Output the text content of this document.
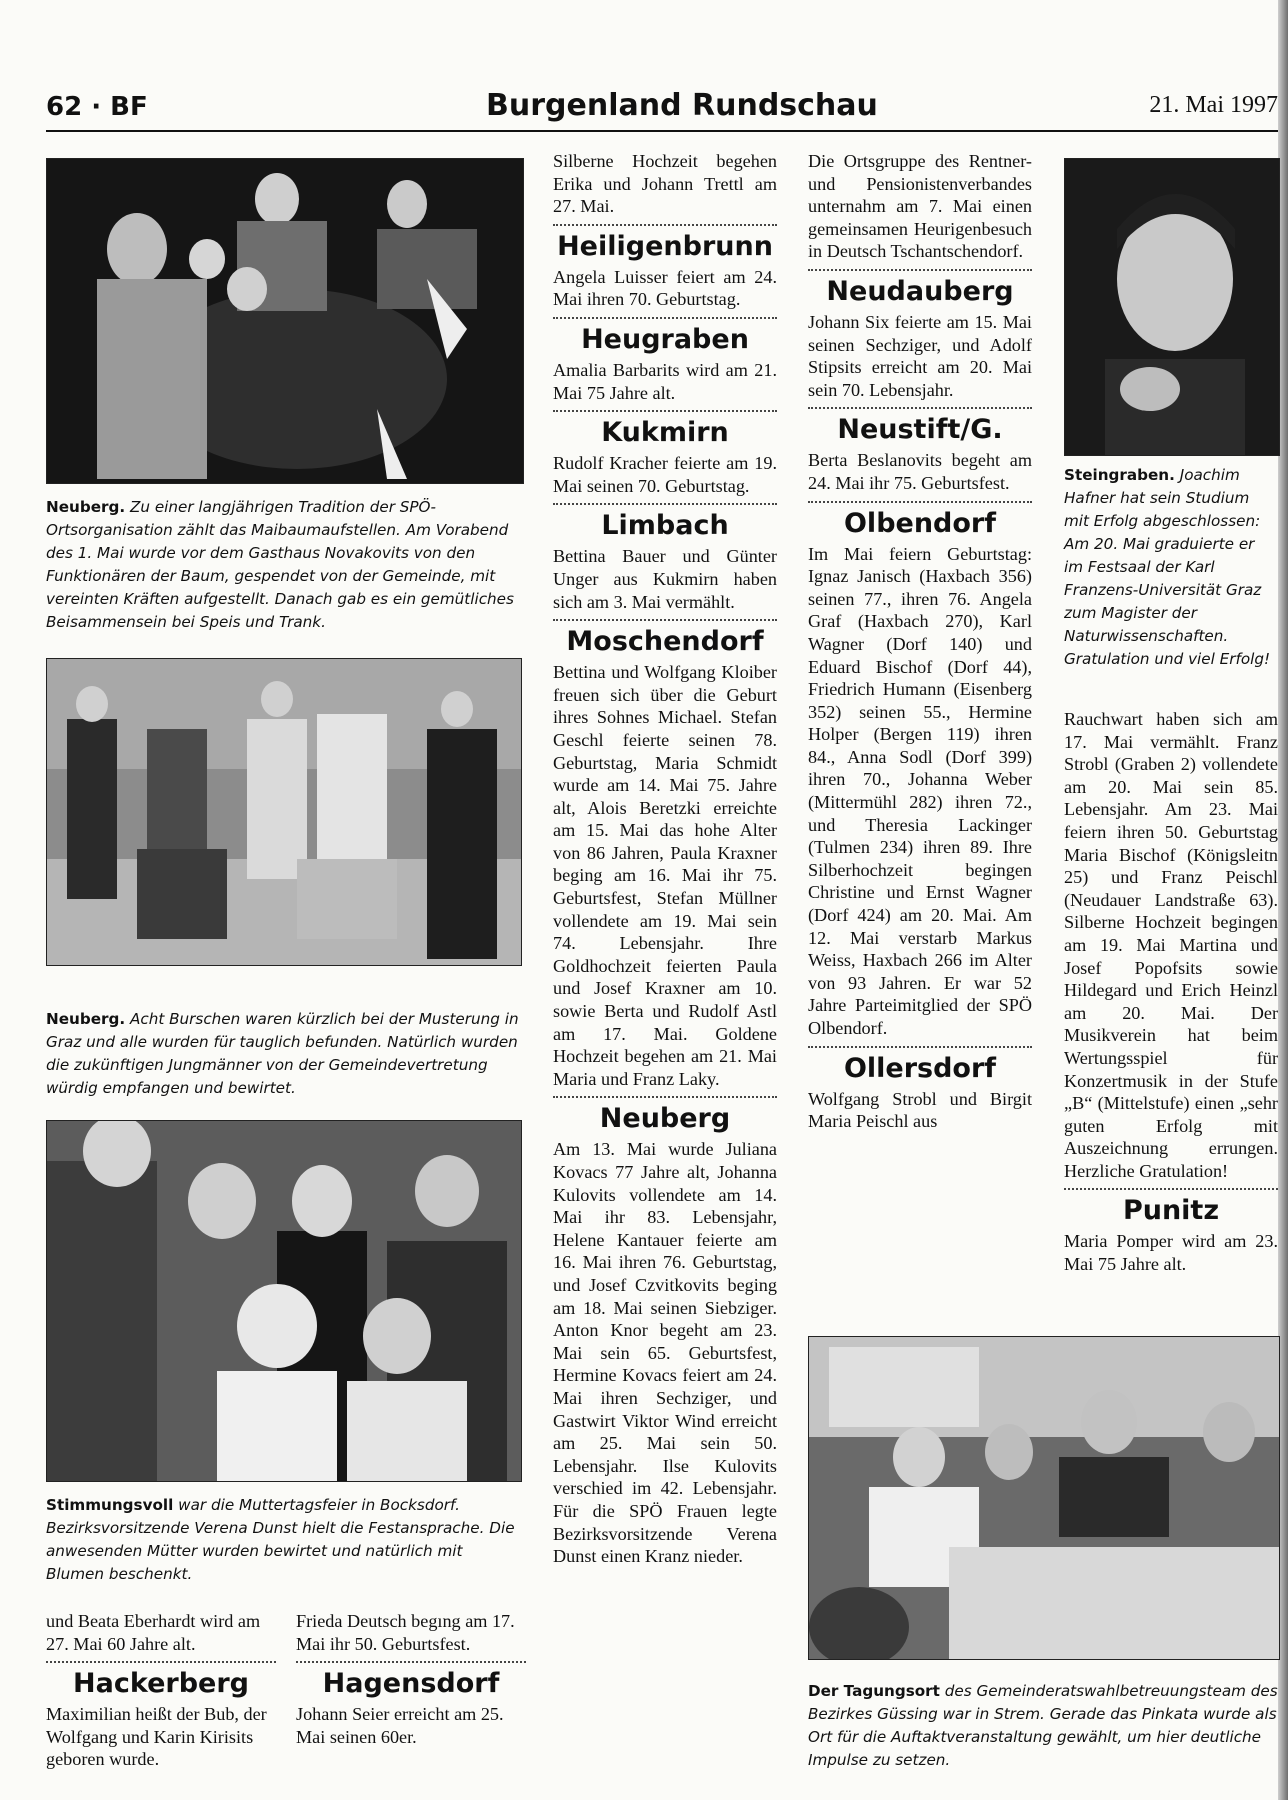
62 · BF	Burgenland Rundschau	21. Mai 1997
Neuberg. Zu einer langjährigen Tradition der SPÖ-Ortsorganisation zählt das Maibaumaufstellen. Am Vorabend des 1. Mai wurde vor dem Gasthaus Novakovits von den Funktionären der Baum, gespendet von der Gemeinde, mit vereinten Kräften aufgestellt. Danach gab es ein gemütliches Beisammensein bei Speis und Trank.
Neuberg. Acht Burschen waren kürzlich bei der Musterung in Graz und alle wurden für tauglich befunden. Natürlich wurden die zukünftigen Jungmänner von der Gemeindevertretung würdig empfangen und bewirtet.
Stimmungsvoll war die Muttertagsfeier in Bocksdorf. Bezirksvorsitzende Verena Dunst hielt die Festansprache. Die anwesenden Mütter wurden bewirtet und natürlich mit Blumen beschenkt.

und Beata Eberhardt wird am 27. Mai 60 Jahre alt.

Hackerberg

Maximilian heißt der Bub, der Wolfgang und Karin Kirisits geboren wurde.

Frieda Deutsch begıng am 17. Mai ihr 50. Geburtsfest.

Hagensdorf

Johann Seier erreicht am 25. Mai seinen 60er.

Silberne Hochzeit begehen Erika und Johann Trettl am 27. Mai.

Heiligenbrunn

Angela Luisser feiert am 24. Mai ihren 70. Geburtstag.

Heugraben

Amalia Barbarits wird am 21. Mai 75 Jahre alt.

Kukmirn

Rudolf Kracher feierte am 19. Mai seinen 70. Geburtstag.

Limbach

Bettina Bauer und Günter Unger aus Kukmirn haben sich am 3. Mai vermählt.

Moschendorf

Bettina und Wolfgang Kloiber freuen sich über die Geburt ihres Sohnes Michael. Stefan Geschl feierte seinen 78. Geburtstag, Maria Schmidt wurde am 14. Mai 75. Jahre alt, Alois Beretzki erreichte am 15. Mai das hohe Alter von 86 Jahren, Paula Kraxner beging am 16. Mai ihr 75. Geburtsfest, Stefan Müllner vollendete am 19. Mai sein 74. Lebensjahr. Ihre Goldhochzeit feierten Paula und Josef Kraxner am 10. sowie Berta und Rudolf Astl am 17. Mai. Goldene Hochzeit begehen am 21. Mai Maria und Franz Laky.

Neuberg

Am 13. Mai wurde Juliana Kovacs 77 Jahre alt, Johanna Kulovits vollendete am 14. Mai ihr 83. Lebensjahr, Helene Kantauer feierte am 16. Mai ihren 76. Geburtstag, und Josef Czvitkovits beging am 18. Mai seinen Siebziger. Anton Knor begeht am 23. Mai sein 65. Geburtsfest, Hermine Kovacs feiert am 24. Mai ihren Sechziger, und Gastwirt Viktor Wind erreicht am 25. Mai sein 50. Lebensjahr. Ilse Kulovits verschied im 42. Lebensjahr. Für die SPÖ Frauen legte Bezirksvorsitzende Verena Dunst einen Kranz nieder.

Die Ortsgruppe des Rentner- und Pensionistenverbandes unternahm am 7. Mai einen gemeinsamen Heurigenbesuch in Deutsch Tschantschendorf.

Neudauberg

Johann Six feierte am 15. Mai seinen Sechziger, und Adolf Stipsits erreicht am 20. Mai sein 70. Lebensjahr.

Neustift/G.

Berta Beslanovits begeht am 24. Mai ihr 75. Geburtsfest.

Olbendorf

Im Mai feiern Geburtstag: Ignaz Janisch (Haxbach 356) seinen 77., ihren 76. Angela Graf (Haxbach 270), Karl Wagner (Dorf 140) und Eduard Bischof (Dorf 44), Friedrich Humann (Eisenberg 352) seinen 55., Hermine Holper (Bergen 119) ihren 84., Anna Sodl (Dorf 399) ihren 70., Johanna Weber (Mittermühl 282) ihren 72., und Theresia Lackinger (Tulmen 234) ihren 89. Ihre Silberhochzeit begingen Christine und Ernst Wagner (Dorf 424) am 20. Mai. Am 12. Mai verstarb Markus Weiss, Haxbach 266 im Alter von 93 Jahren. Er war 52 Jahre Parteimitglied der SPÖ Olbendorf.

Ollersdorf

Wolfgang Strobl und Birgit Maria Peischl aus

Steingraben. Joachim Hafner hat sein Studium mit Erfolg abgeschlossen: Am 20. Mai graduierte er im Festsaal der Karl Franzens-Universität Graz zum Magister der Naturwissenschaften. Gratulation und viel Erfolg!

Rauchwart haben sich am 17. Mai vermählt. Franz Strobl (Graben 2) vollendete am 20. Mai sein 85. Lebensjahr. Am 23. Mai feiern ihren 50. Geburtstag Maria Bischof (Königsleitn 25) und Franz Peischl (Neudauer Landstraße 63). Silberne Hochzeit begingen am 19. Mai Martina und Josef Popofsits sowie Hildegard und Erich Heinzl am 20. Mai. Der Musikverein hat beim Wertungsspiel für Konzertmusik in der Stufe „B“ (Mittelstufe) einen „sehr guten Erfolg mit Auszeichnung errungen. Herzliche Gratulation!

Punitz

Maria Pomper wird am 23. Mai 75 Jahre alt.

Der Tagungsort des Gemeinderatswahlbetreuungsteam des Bezirkes Güssing war in Strem. Gerade das Pinkata wurde als Ort für die Auftaktveranstaltung gewählt, um hier deutliche Impulse zu setzen.
